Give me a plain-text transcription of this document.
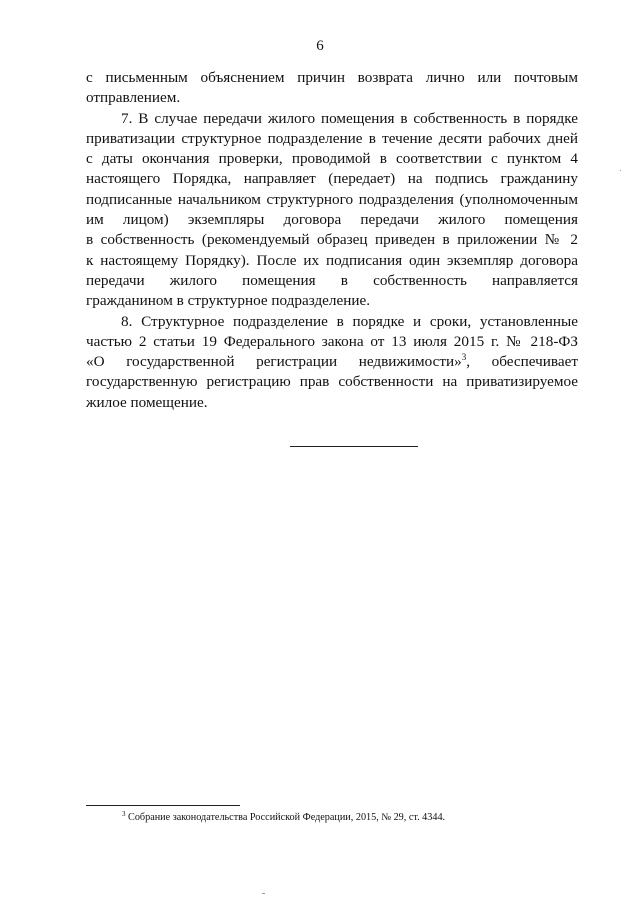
6
с письменным объяснением причин возврата лично или почтовым
отправлением.
7. В случае передачи жилого помещения в собственность в порядке
приватизации структурное подразделение в течение десяти рабочих дней
с даты окончания проверки, проводимой в соответствии с пунктом 4
настоящего Порядка, направляет (передает) на подпись гражданину
подписанные начальником структурного подразделения (уполномоченным
им лицом) экземпляры договора передачи жилого помещения
в собственность (рекомендуемый образец приведен в приложении № 2
к настоящему Порядку). После их подписания один экземпляр договора
передачи жилого помещения в собственность направляется
гражданином в структурное подразделение.
8. Структурное подразделение в порядке и сроки, установленные
частью 2 статьи 19 Федерального закона от 13 июля 2015 г. № 218-ФЗ
«О государственной регистрации недвижимости»$^3$, обеспечивает
государственную регистрацию прав собственности на приватизируемое
жилое помещение.
$^3$ Собрание законодательства Российской Федерации, 2015, № 29, ст. 4344.
